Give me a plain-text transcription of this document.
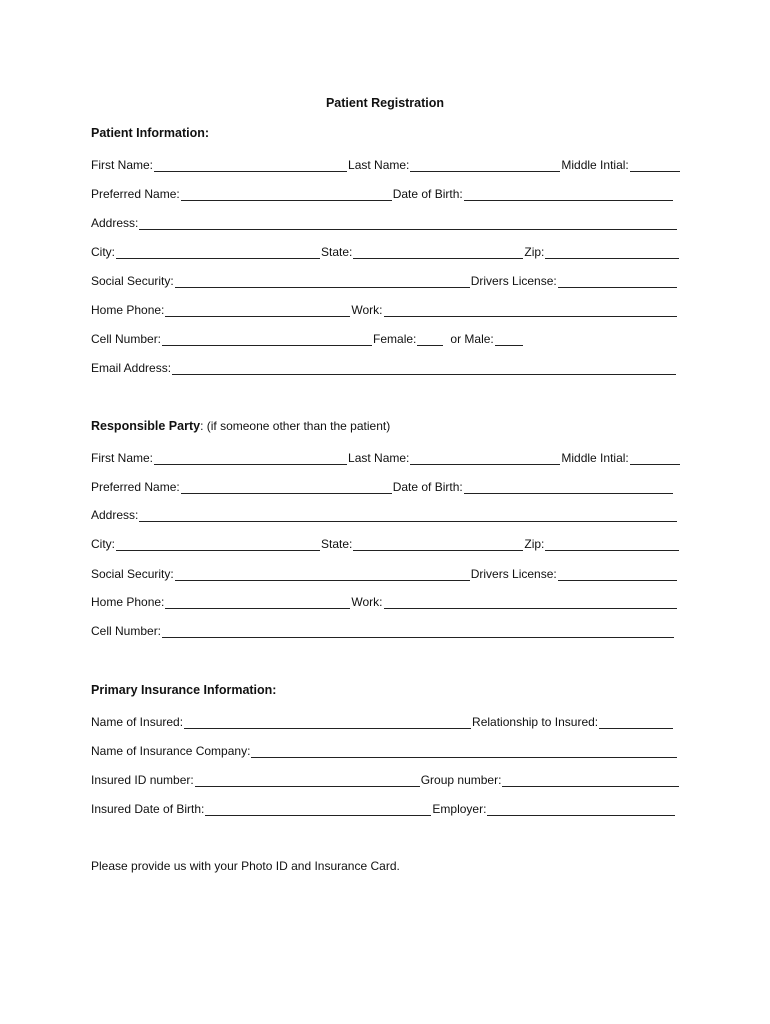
Patient Registration
Patient Information:
First Name:	Last Name:	Middle Intial:
Preferred Name:	Date of Birth:
Address:
City:	State:	Zip:
Social Security:	Drivers License:
Home Phone:	Work:
Cell Number:	Female:	or Male:
Email Address:
Responsible Party: (if someone other than the patient)
First Name:	Last Name:	Middle Intial:
Preferred Name:	Date of Birth:
Address:
City:	State:	Zip:
Social Security:	Drivers License:
Home Phone:	Work:
Cell Number:
Primary Insurance Information:
Name of Insured:	Relationship to Insured:
Name of Insurance Company:
Insured ID number:	Group number:
Insured Date of Birth:	Employer:
Please provide us with your Photo ID and Insurance Card.
